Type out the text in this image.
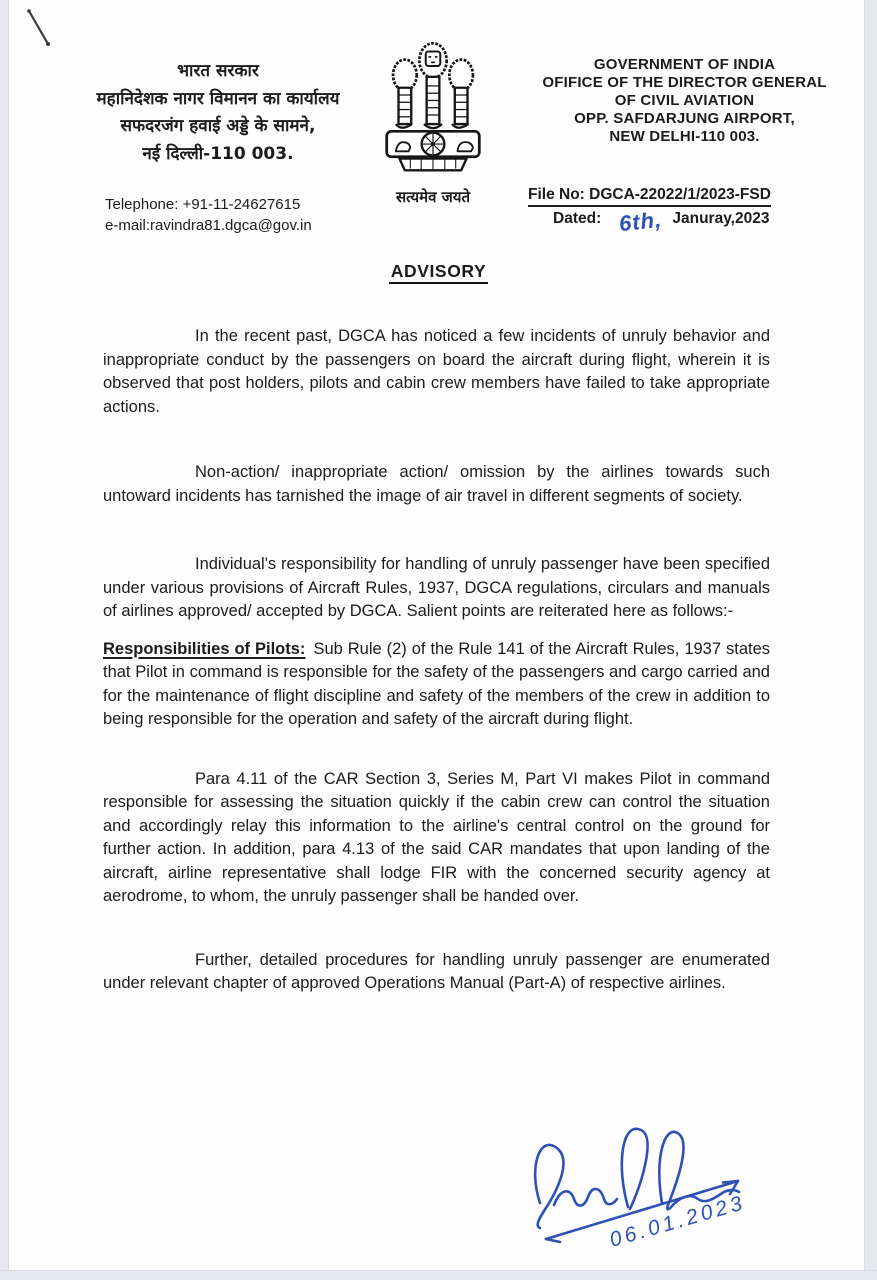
भारत सरकार
महानिदेशक नागर विमानन का कार्यालय
सफदरजंग हवाई अड्डे के सामने,
नई दिल्ली-110 003.
सत्यमेव जयते
GOVERNMENT OF INDIA
OFIFICE OF THE DIRECTOR GENERAL
OF CIVIL AVIATION
OPP. SAFDARJUNG AIRPORT,
NEW DELHI-110 003.
Telephone: +91-11-24627615
e-mail:ravindra81.dgca@gov.in
File No: DGCA-22022/1/2023-FSD
Dated: 6th, Januray,2023
ADVISORY

In the recent past, DGCA has noticed a few incidents of unruly behavior and inappropriate conduct by the passengers on board the aircraft during flight, wherein it is observed that post holders, pilots and cabin crew members have failed to take appropriate actions.

Non-action/ inappropriate action/ omission by the airlines towards such untoward incidents has tarnished the image of air travel in different segments of society.

Individual's responsibility for handling of unruly passenger have been specified under various provisions of Aircraft Rules, 1937, DGCA regulations, circulars and manuals of airlines approved/ accepted by DGCA. Salient points are reiterated here as follows:-

Responsibilities of Pilots: Sub Rule (2) of the Rule 141 of the Aircraft Rules, 1937 states that Pilot in command is responsible for the safety of the passengers and cargo carried and for the maintenance of flight discipline and safety of the members of the crew in addition to being responsible for the operation and safety of the aircraft during flight.

Para 4.11 of the CAR Section 3, Series M, Part VI makes Pilot in command responsible for assessing the situation quickly if the cabin crew can control the situation and accordingly relay this information to the airline's central control on the ground for further action. In addition, para 4.13 of the said CAR mandates that upon landing of the aircraft, airline representative shall lodge FIR with the concerned security agency at aerodrome, to whom, the unruly passenger shall be handed over.

Further, detailed procedures for handling unruly passenger are enumerated under relevant chapter of approved Operations Manual (Part-A) of respective airlines.

06.01.2023
